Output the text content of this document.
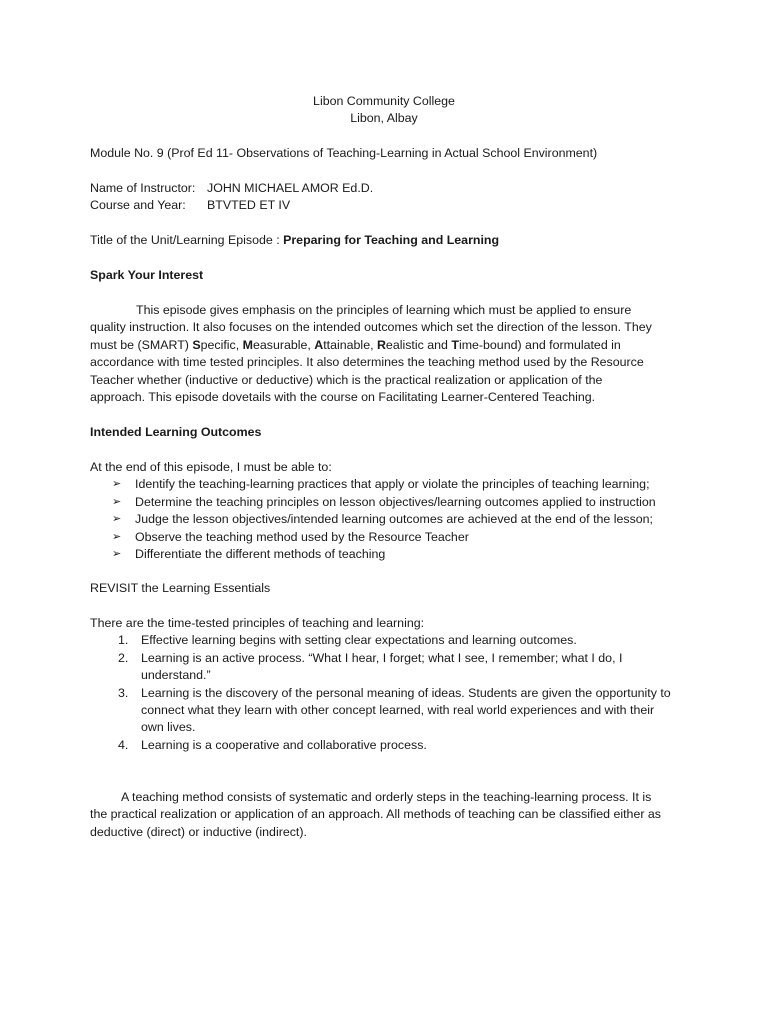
Libon Community College
Libon, Albay
Module No. 9 (Prof Ed 11- Observations of Teaching-Learning in Actual School Environment)
Name of Instructor: JOHN MICHAEL AMOR Ed.D.
Course and Year:	BTVTED ET IV
Title of the Unit/Learning Episode : Preparing for Teaching and Learning
Spark Your Interest
This episode gives emphasis on the principles of learning which must be applied to ensure
quality instruction. It also focuses on the intended outcomes which set the direction of the lesson. They
must be (SMART) Specific, Measurable, Attainable, Realistic and Time-bound) and formulated in
accordance with time tested principles. It also determines the teaching method used by the Resource
Teacher whether (inductive or deductive) which is the practical realization or application of the
approach. This episode dovetails with the course on Facilitating Learner-Centered Teaching.
Intended Learning Outcomes
At the end of this episode, I must be able to:
➢ Identify the teaching-learning practices that apply or violate the principles of teaching learning;
➢ Determine the teaching principles on lesson objectives/learning outcomes applied to instruction
➢ Judge the lesson objectives/intended learning outcomes are achieved at the end of the lesson;
➢ Observe the teaching method used by the Resource Teacher
➢ Differentiate the different methods of teaching
REVISIT the Learning Essentials
There are the time-tested principles of teaching and learning:
1. Effective learning begins with setting clear expectations and learning outcomes.
2. Learning is an active process. “What I hear, I forget; what I see, I remember; what I do, I understand.”
3. Learning is the discovery of the personal meaning of ideas. Students are given the opportunity to connect what they learn with other concept learned, with real world experiences and with their own lives.
4. Learning is a cooperative and collaborative process.
A teaching method consists of systematic and orderly steps in the teaching-learning process. It is
the practical realization or application of an approach. All methods of teaching can be classified either as
deductive (direct) or inductive (indirect).
